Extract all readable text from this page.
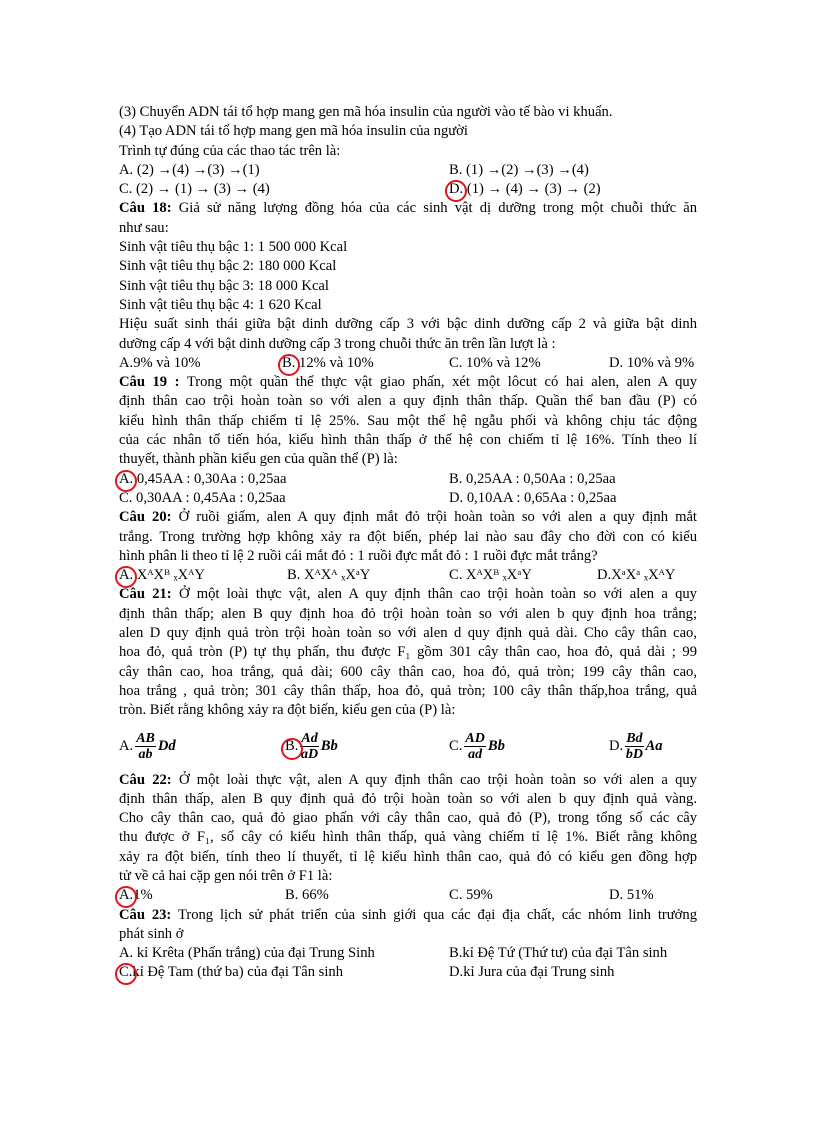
(3) Chuyển ADN tái tổ hợp mang gen mã hóa insulin của người vào tế bào vi khuẩn.
(4) Tạo ADN tái tổ hợp mang gen mã hóa insulin của người
Trình tự đúng của các thao tác trên là:
A. (2) →(4) →(3) →(1)	B. (1) →(2) →(3) →(4)
C. (2) → (1) → (3) → (4)	D. (1) → (4) → (3) → (2)
Câu 18: Giả sử năng lượng đồng hóa của các sinh vật dị dưỡng trong một chuỗi thức ăn
như sau:
Sinh vật tiêu thụ bậc 1: 1 500 000 Kcal
Sinh vật tiêu thụ bậc 2: 180 000 Kcal
Sinh vật tiêu thụ bậc 3: 18 000 Kcal
Sinh vật tiêu thụ bậc 4: 1 620 Kcal
Hiệu suất sinh thái giữa bật dinh dưỡng cấp 3 với bậc dinh dưỡng cấp 2 và giữa bật dinh
dưỡng cấp 4 với bật dinh dưỡng cấp 3 trong chuỗi thức ăn trên lần lượt là :
A.9% và 10%	B. 12% và 10%	C. 10% và 12%	D. 10% và 9%
Câu 19 : Trong một quần thể thực vật giao phấn, xét một lôcut có hai alen, alen A quy
định thân cao trội hoàn toàn so với alen a quy định thân thấp. Quần thể ban đầu (P) có
kiểu hình thân thấp chiếm tỉ lệ 25%. Sau một thế hệ ngẫu phối và không chịu tác động
của các nhân tố tiến hóa, kiểu hình thân thấp ở thế hệ con chiếm tỉ lệ 16%. Tính theo lí
thuyết, thành phần kiểu gen của quần thể (P) là:
A. 0,45AA : 0,30Aa : 0,25aa	B. 0,25AA : 0,50Aa : 0,25aa
C. 0,30AA : 0,45Aa : 0,25aa	D. 0,10AA : 0,65Aa : 0,25aa
Câu 20: Ở ruồi giấm, alen A quy định mắt đỏ trội hoàn toàn so với alen a quy định mắt
trắng. Trong trường hợp không xảy ra đột biến, phép lai nào sau đây cho đời con có kiểu
hình phân li theo tỉ lệ 2 ruồi cái mắt đỏ : 1 ruồi đực mắt đỏ : 1 ruồi đực mắt trắng?
A. XᴬXᴮ ₓXᴬY	B. XᴬXᴬ ₓXᵃY	C. XᴬXᴮ ₓXᵃY	D.XᵃXᵃ ₓXᴬY
Câu 21: Ở một loài thực vật, alen A quy định thân cao trội hoàn toàn so với alen a quy
định thân thấp; alen B quy định hoa đỏ trội hoàn toàn so với alen b quy định hoa trắng;
alen D quy định quả tròn trội hoàn toàn so với alen d quy định quả dài. Cho cây thân cao,
hoa đỏ, quả tròn (P) tự thụ phấn, thu được F₁ gồm 301 cây thân cao, hoa đỏ, quả dài ; 99
cây thân cao, hoa trắng, quả dài; 600 cây thân cao, hoa đỏ, quả tròn; 199 cây thân cao,
hoa trắng , quả tròn; 301 cây thân thấp, hoa đỏ, quả tròn; 100 cây thân thấp,hoa trắng, quả
tròn. Biết rằng không xảy ra đột biến, kiểu gen của (P) là:
A. $\frac{AB}{ab}$ Dd	B. $\frac{Ad}{aD}$ Bb	C. $\frac{AD}{ad}$ Bb	D. $\frac{Bd}{bD}$ Aa
Câu 22: Ở một loài thực vật, alen A quy định thân cao trội hoàn toàn so với alen a quy
định thân thấp, alen B quy định quả đỏ trội hoàn toàn so với alen b quy định quả vàng.
Cho cây thân cao, quả đỏ giao phấn với cây thân cao, quả đỏ (P), trong tổng số các cây
thu được ở F₁, số cây có kiểu hình thân thấp, quả vàng chiếm tỉ lệ 1%. Biết rằng không
xảy ra đột biến, tính theo lí thuyết, tỉ lệ kiểu hình thân cao, quả đỏ có kiểu gen đồng hợp
tử về cả hai cặp gen nói trên ở F1 là:
A.1%	B. 66%	C. 59%	D. 51%
Câu 23: Trong lịch sử phát triển của sinh giới qua các đại địa chất, các nhóm linh trưởng
phát sinh ở
A. kỉ Krêta (Phấn trắng) của đại Trung Sinh	B.kỉ Đệ Tứ (Thứ tư) của đại Tân sinh
C.kỉ Đệ Tam (thứ ba) của đại Tân sinh	D.kỉ Jura của đại Trung sinh
